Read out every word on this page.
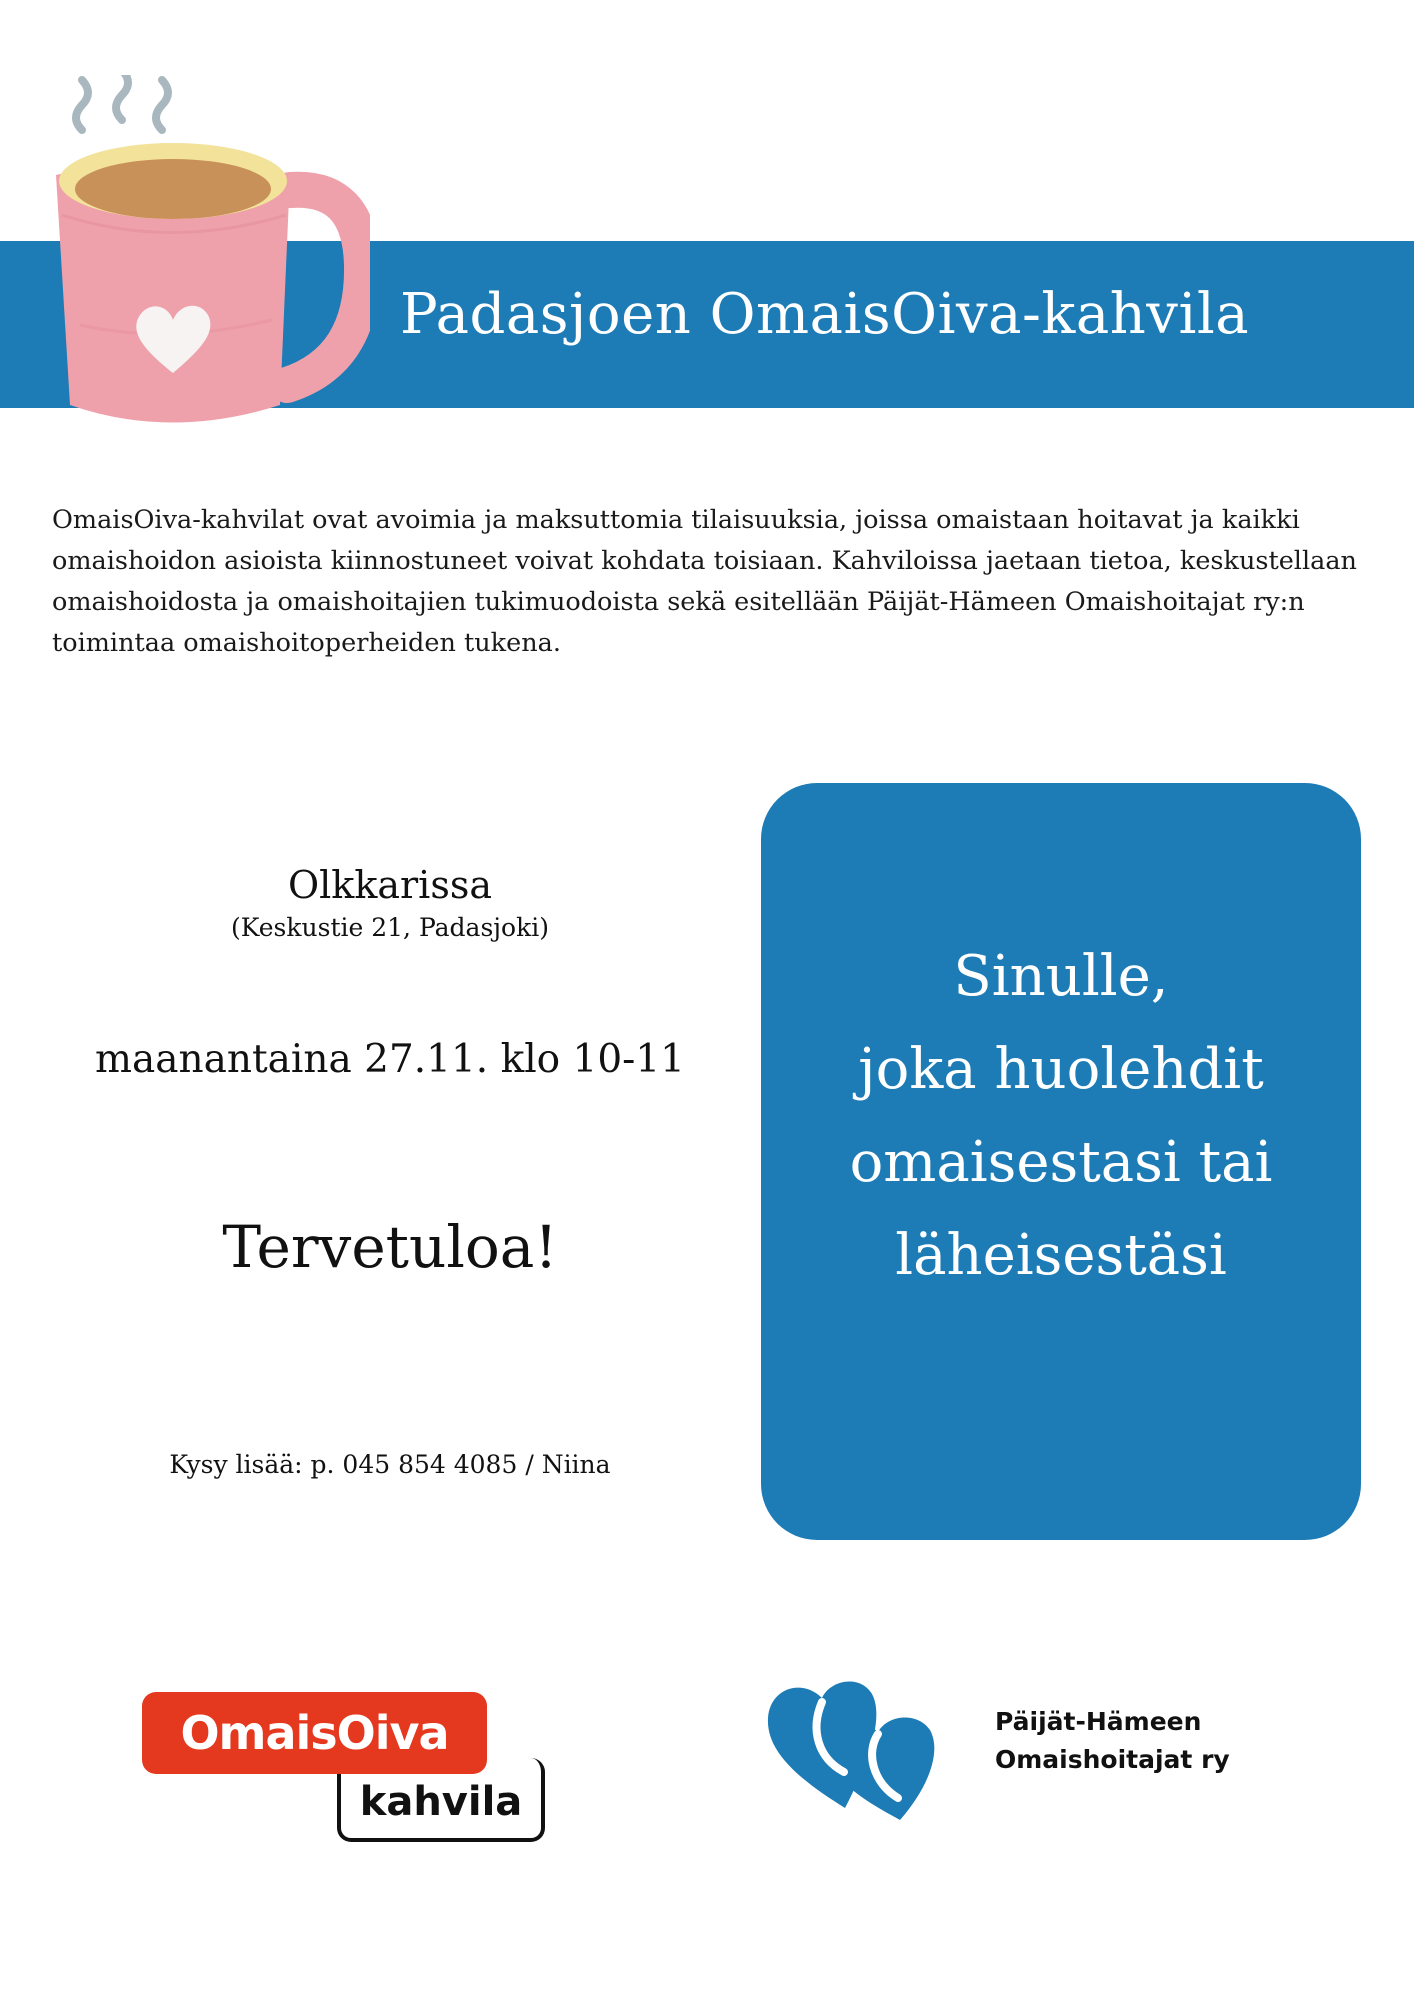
Padasjoen OmaisOiva-kahvila

OmaisOiva-kahvilat ovat avoimia ja maksuttomia tilaisuuksia, joissa omaistaan hoitavat ja kaikki omaishoidon asioista kiinnostuneet voivat kohdata toisiaan. Kahviloissa jaetaan tietoa, keskustellaan omaishoidosta ja omaishoitajien tukimuodoista sekä esitellään Päijät-Hämeen Omaishoitajat ry:n toimintaa omaishoitoperheiden tukena.

Olkkarissa

(Keskustie 21, Padasjoki)

maanantaina 27.11. klo 10-11

Tervetuloa!

Kysy lisää: p. 045 854 4085 / Niina

Sinulle,

joka huolehdit

omaisestasi tai

läheisestäsi

kahvila
OmaisOiva	Päijät-Hämeen
Omaishoitajat ry
